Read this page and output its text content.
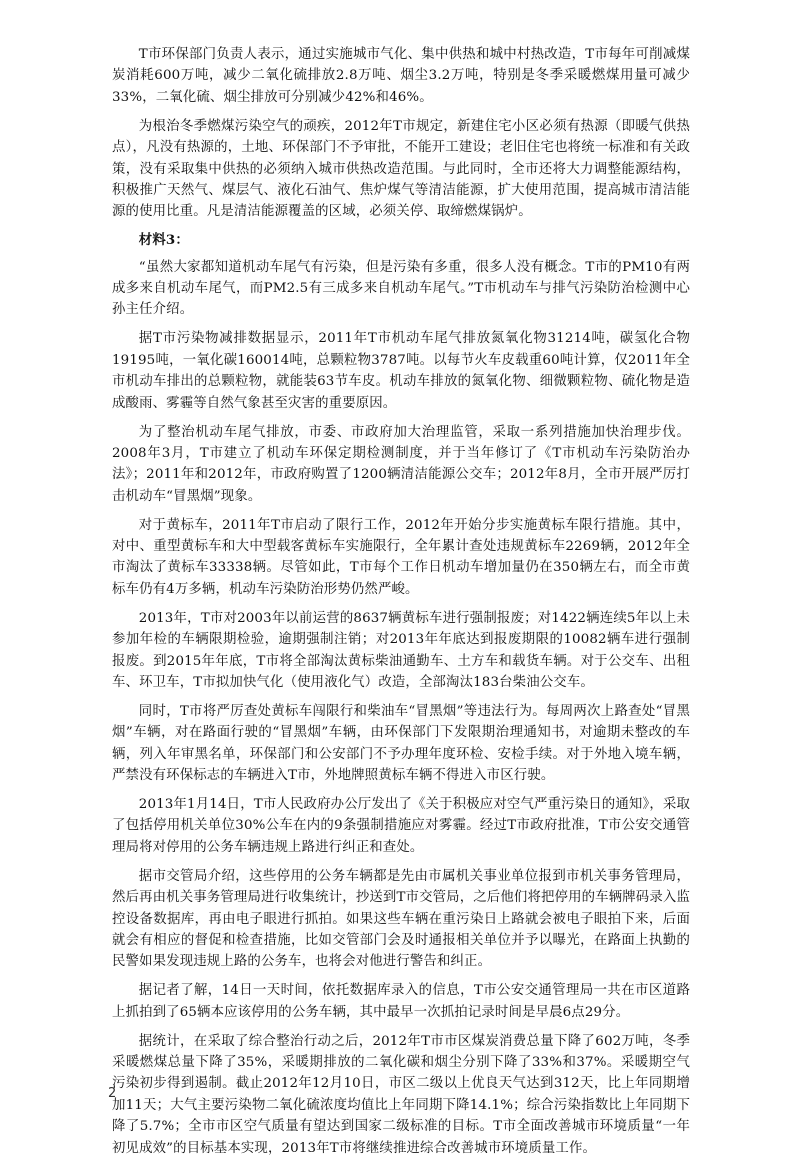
T市环保部门负责人表示，通过实施城市气化、集中供热和城中村热改造，T市每年可削减煤炭消耗600万吨，减少二氧化硫排放2.8万吨、烟尘3.2万吨，特别是冬季采暖燃煤用量可减少33%，二氧化硫、烟尘排放可分别减少42%和46%。

为根治冬季燃煤污染空气的顽疾，2012年T市规定，新建住宅小区必须有热源（即暖气供热点），凡没有热源的，土地、环保部门不予审批，不能开工建设；老旧住宅也将统一标准和有关政策，没有采取集中供热的必须纳入城市供热改造范围。与此同时，全市还将大力调整能源结构，积极推广天然气、煤层气、液化石油气、焦炉煤气等清洁能源，扩大使用范围，提高城市清洁能源的使用比重。凡是清洁能源覆盖的区域，必须关停、取缔燃煤锅炉。

材料3：

“虽然大家都知道机动车尾气有污染，但是污染有多重，很多人没有概念。T市的PM10有两成多来自机动车尾气，而PM2.5有三成多来自机动车尾气。”T市机动车与排气污染防治检测中心孙主任介绍。

据T市污染物减排数据显示，2011年T市机动车尾气排放氮氧化物31214吨，碳氢化合物19195吨，一氧化碳160014吨，总颗粒物3787吨。以每节火车皮载重60吨计算，仅2011年全市机动车排出的总颗粒物，就能装63节车皮。机动车排放的氮氧化物、细微颗粒物、硫化物是造成酸雨、雾霾等自然气象甚至灾害的重要原因。

为了整治机动车尾气排放，市委、市政府加大治理监管，采取一系列措施加快治理步伐。2008年3月，T市建立了机动车环保定期检测制度，并于当年修订了《T市机动车污染防治办法》；2011年和2012年，市政府购置了1200辆清洁能源公交车；2012年8月，全市开展严厉打击机动车“冒黑烟”现象。

对于黄标车，2011年T市启动了限行工作，2012年开始分步实施黄标车限行措施。其中，对中、重型黄标车和大中型载客黄标车实施限行，全年累计查处违规黄标车2269辆，2012年全市淘汰了黄标车33338辆。尽管如此，T市每个工作日机动车增加量仍在350辆左右，而全市黄标车仍有4万多辆，机动车污染防治形势仍然严峻。

2013年，T市对2003年以前运营的8637辆黄标车进行强制报废；对1422辆连续5年以上未参加年检的车辆限期检验，逾期强制注销；对2013年年底达到报废期限的10082辆车进行强制报废。到2015年年底，T市将全部淘汰黄标柴油通勤车、土方车和载货车辆。对于公交车、出租车、环卫车，T市拟加快气化（使用液化气）改造，全部淘汰183台柴油公交车。

同时，T市将严厉查处黄标车闯限行和柴油车“冒黑烟”等违法行为。每周两次上路查处“冒黑烟”车辆，对在路面行驶的“冒黑烟”车辆，由环保部门下发限期治理通知书，对逾期未整改的车辆，列入年审黑名单，环保部门和公安部门不予办理年度环检、安检手续。对于外地入境车辆，严禁没有环保标志的车辆进入T市，外地牌照黄标车辆不得进入市区行驶。

2013年1月14日，T市人民政府办公厅发出了《关于积极应对空气严重污染日的通知》，采取了包括停用机关单位30%公车在内的9条强制措施应对雾霾。经过T市政府批准，T市公安交通管理局将对停用的公务车辆违规上路进行纠正和查处。

据市交管局介绍，这些停用的公务车辆都是先由市属机关事业单位报到市机关事务管理局，然后再由机关事务管理局进行收集统计，抄送到T市交管局，之后他们将把停用的车辆牌码录入监控设备数据库，再由电子眼进行抓拍。如果这些车辆在重污染日上路就会被电子眼拍下来，后面就会有相应的督促和检查措施，比如交管部门会及时通报相关单位并予以曝光，在路面上执勤的民警如果发现违规上路的公务车，也将会对他进行警告和纠正。

据记者了解，14日一天时间，依托数据库录入的信息，T市公安交通管理局一共在市区道路上抓拍到了65辆本应该停用的公务车辆，其中最早一次抓拍记录时间是早晨6点29分。

据统计，在采取了综合整治行动之后，2012年T市市区煤炭消费总量下降了602万吨，冬季采暖燃煤总量下降了35%，采暖期排放的二氧化碳和烟尘分别下降了33%和37%。采暖期空气污染初步得到遏制。截止2012年12月10日，市区二级以上优良天气达到312天，比上年同期增加11天；大气主要污染物二氧化硫浓度均值比上年同期下降14.1%；综合污染指数比上年同期下降了5.7%；全市市区空气质量有望达到国家二级标准的目标。T市全面改善城市环境质量“一年初见成效”的目标基本实现，2013年T市将继续推进综合改善城市环境质量工作。

2
